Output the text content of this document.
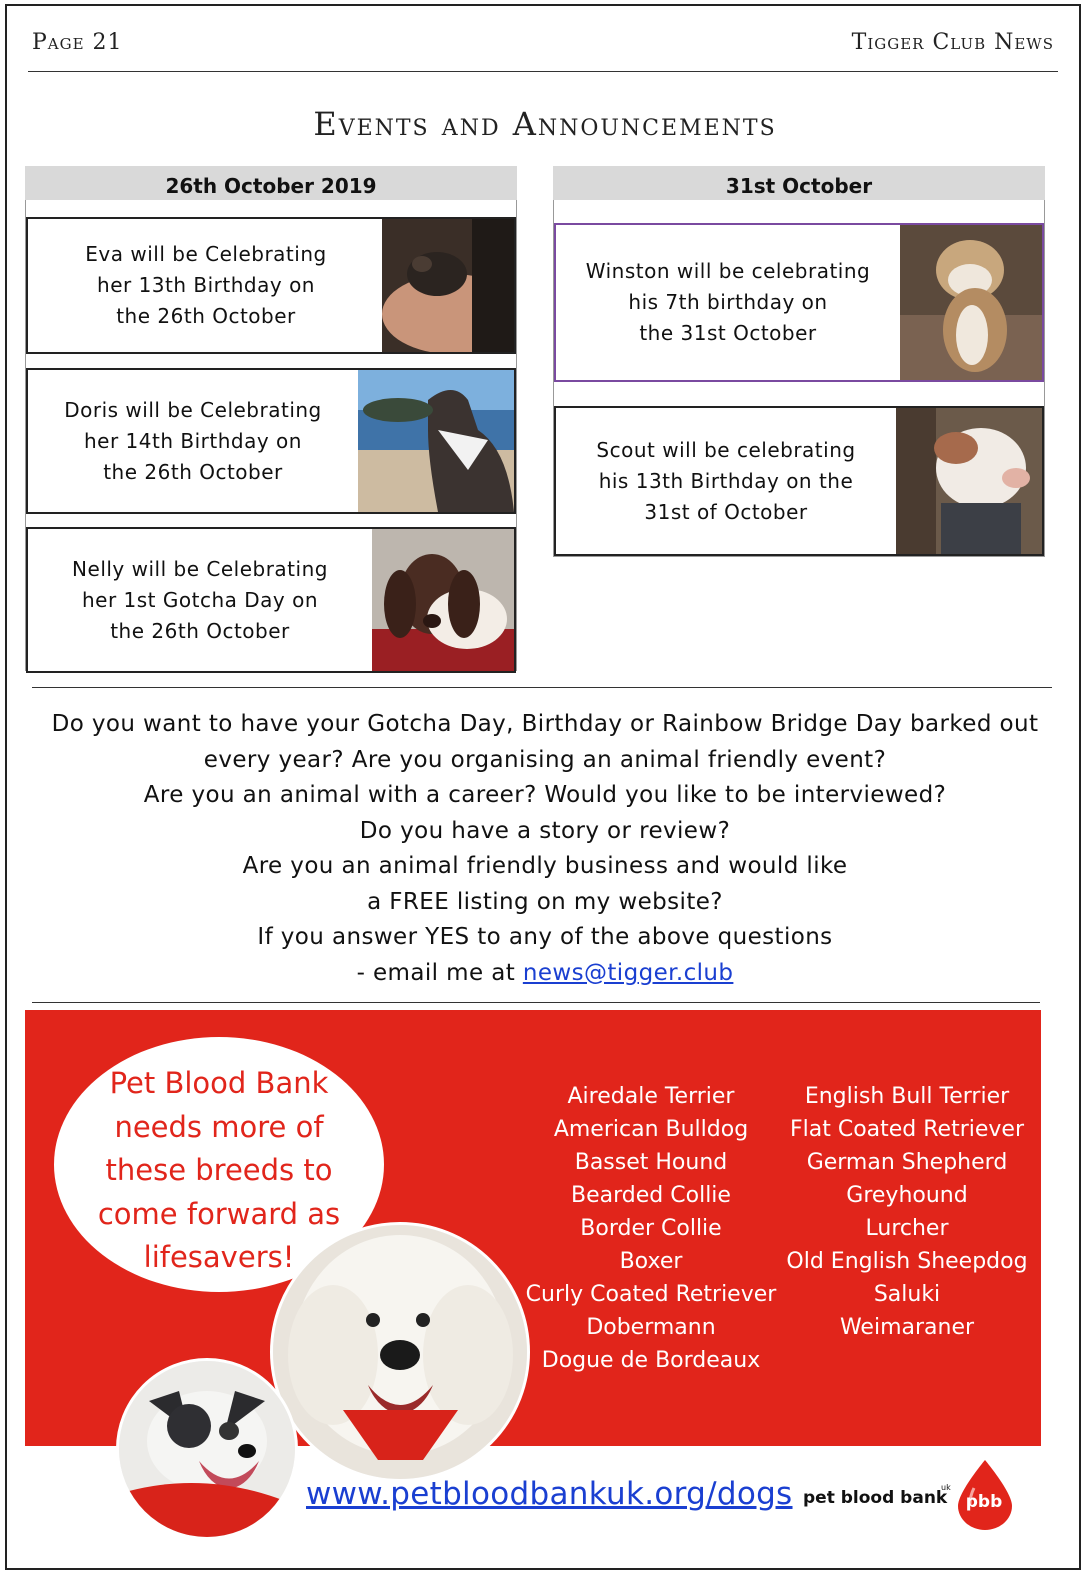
Page 21	Tigger Club News
Events and Announcements
26th October 2019
Eva will be Celebrating
her 13th Birthday on
the 26th October
Doris will be Celebrating
her 14th Birthday on
the 26th October
Nelly will be Celebrating
her 1st Gotcha Day on
the 26th October
31st October
Winston will be celebrating
his 7th birthday on
the 31st October
Scout will be celebrating
his 13th Birthday on the
31st of October
Do you want to have your Gotcha Day, Birthday or Rainbow Bridge Day barked out
every year? Are you organising an animal friendly event?
Are you an animal with a career? Would you like to be interviewed?
Do you have a story or review?
Are you an animal friendly business and would like
a FREE listing on my website?
If you answer YES to any of the above questions
- email me at news@tigger.club
Pet Blood Bank
needs more of
these breeds to
come forward as
lifesavers!
Airedale Terrier
American Bulldog
Basset Hound
Bearded Collie
Border Collie
Boxer
Curly Coated Retriever
Dobermann
Dogue de Bordeaux
English Bull Terrier
Flat Coated Retriever
German Shepherd
Greyhound
Lurcher
Old English Sheepdog
Saluki
Weimaraner
www.petbloodbankuk.org/dogs pet blood bank
uk
pbb
